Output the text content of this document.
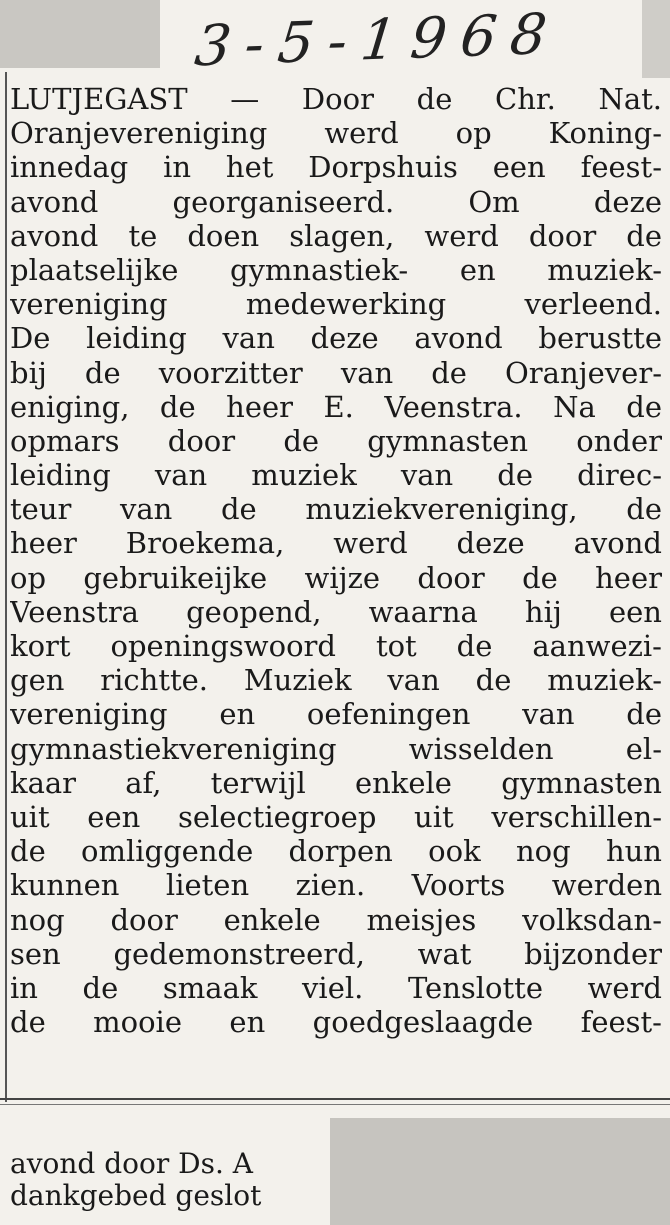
3-5-1968
LUTJEGAST — Door de Chr. Nat.
Oranjevereniging werd op Koning-
innedag in het Dorpshuis een feest-
avond georganiseerd. Om deze
avond te doen slagen, werd door de
plaatselijke gymnastiek- en muziek-
vereniging medewerking verleend.
De leiding van deze avond berustte
bij de voorzitter van de Oranjever-
eniging, de heer E. Veenstra. Na de
opmars door de gymnasten onder
leiding van muziek van de direc-
teur van de muziekvereniging, de
heer Broekema, werd deze avond
op gebruikeijke wijze door de heer
Veenstra geopend, waarna hij een
kort openingswoord tot de aanwezi-
gen richtte. Muziek van de muziek-
vereniging en oefeningen van de
gymnastiekvereniging wisselden el-
kaar af, terwijl enkele gymnasten
uit een selectiegroep uit verschillen-
de omliggende dorpen ook nog hun
kunnen lieten zien. Voorts werden
nog door enkele meisjes volksdan-
sen gedemonstreerd, wat bijzonder
in de smaak viel. Tenslotte werd
de mooie en goedgeslaagde feest-
avond door Ds. A
dankgebed geslot
